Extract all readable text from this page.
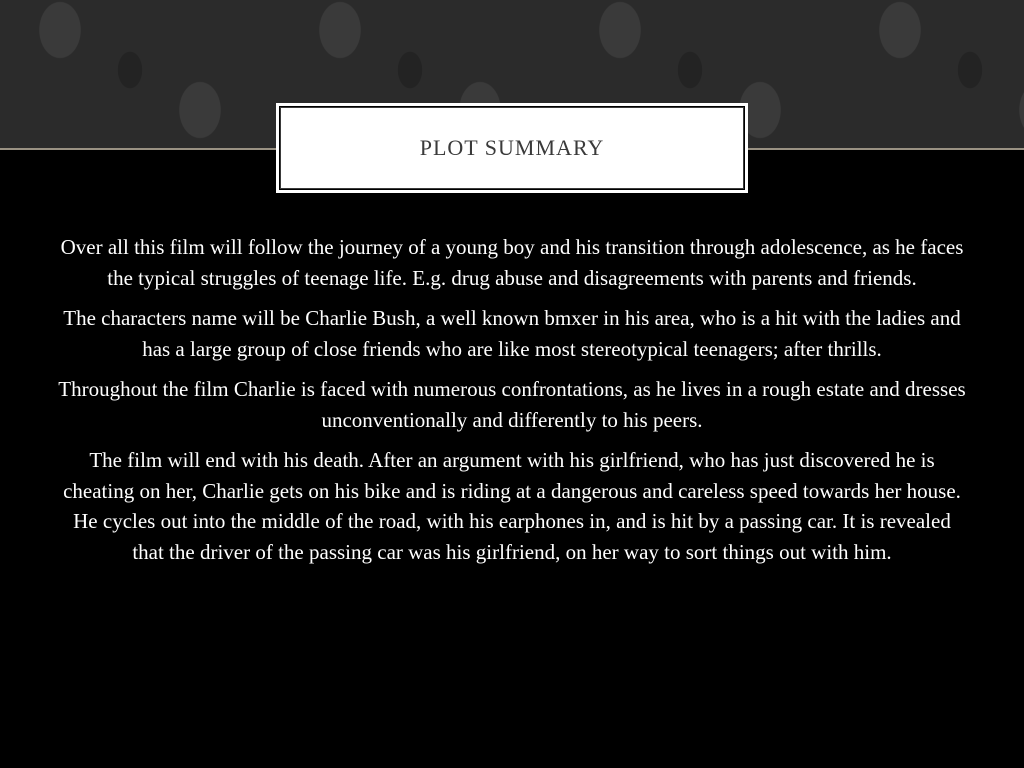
PLOT SUMMARY

Over all this film will follow the journey of a young boy and his transition through adolescence, as he faces the typical struggles of teenage life. E.g. drug abuse and disagreements with parents and friends.

The characters name will be Charlie Bush, a well known bmxer in his area, who is a hit with the ladies and has a large group of close friends who are like most stereotypical teenagers; after thrills.

Throughout the film Charlie is faced with numerous confrontations, as he lives in a rough estate and dresses unconventionally and differently to his peers.

The film will end with his death. After an argument with his girlfriend, who has just discovered he is cheating on her, Charlie gets on his bike and is riding at a dangerous and careless speed towards her house. He cycles out into the middle of the road, with his earphones in, and is hit by a passing car. It is revealed that the driver of the passing car was his girlfriend, on her way to sort things out with him.
